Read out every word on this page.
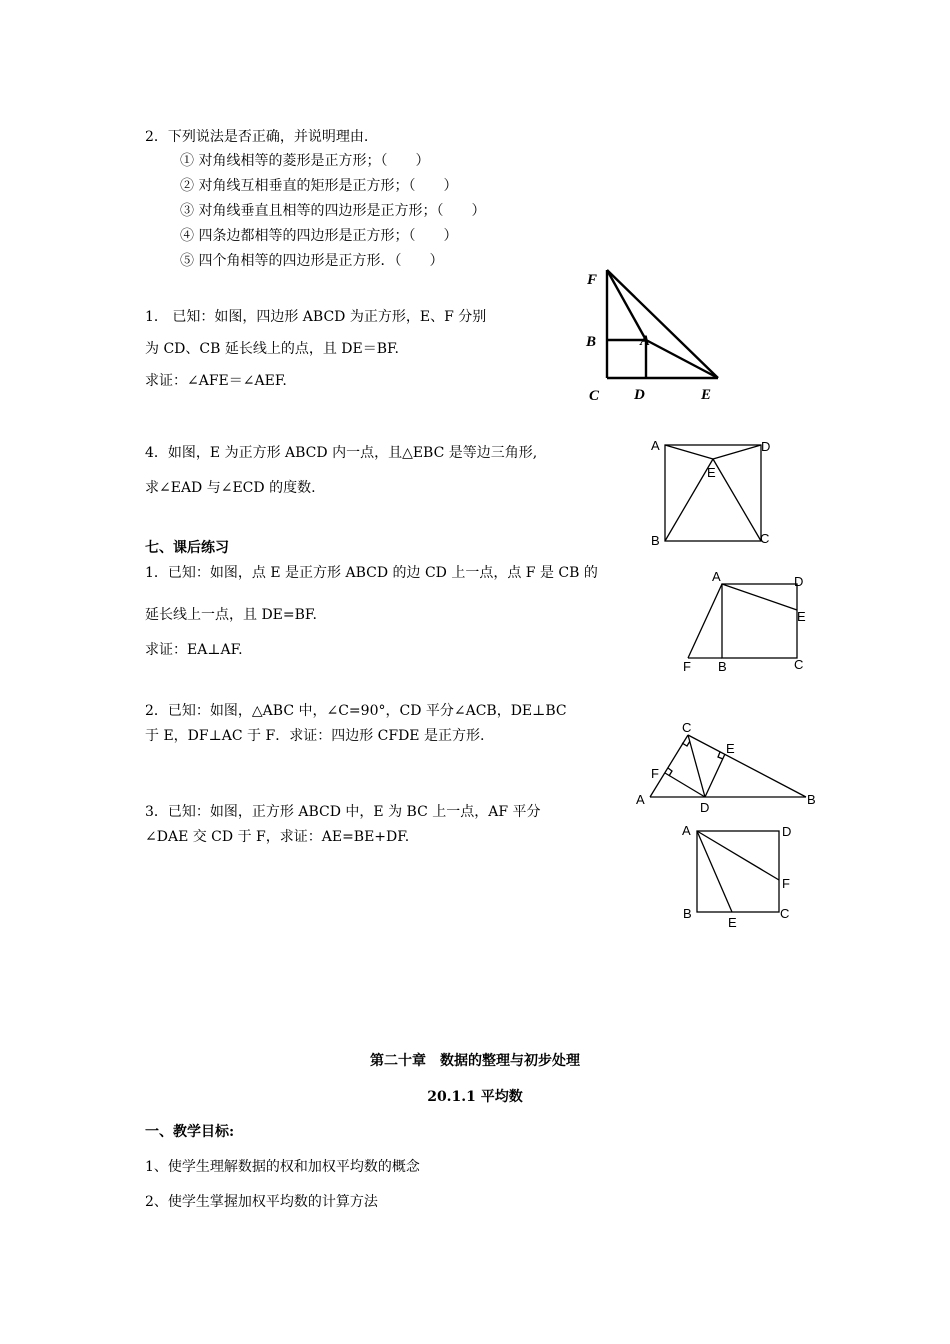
2．下列说法是否正确，并说明理由.
① 对角线相等的菱形是正方形；（　　）
② 对角线互相垂直的矩形是正方形；（　　）
③ 对角线垂直且相等的四边形是正方形；（　　）
④ 四条边都相等的四边形是正方形；（　　）
⑤ 四个角相等的四边形是正方形．（　　）
1． 已知：如图，四边形 ABCD 为正方形，E、F 分别
为 CD、CB 延长线上的点，且 DE＝BF.
求证：∠AFE＝∠AEF.
4．如图，E 为正方形 ABCD 内一点，且△EBC 是等边三角形,
求∠EAD 与∠ECD 的度数.
七、课后练习
1．已知：如图，点 E 是正方形 ABCD 的边 CD 上一点，点 F 是 CB 的
延长线上一点，且 DE=BF.
求证：EA⊥AF.
2．已知：如图，△ABC 中，∠C=90°，CD 平分∠ACB，DE⊥BC
于 E，DF⊥AC 于 F．求证：四边形 CFDE 是正方形.
3．已知：如图，正方形 ABCD 中，E 为 BC 上一点，AF 平分
∠DAE 交 CD 于 F，求证：AE=BE+DF.
第二十章　数据的整理与初步处理
20.1.1 平均数
一、教学目标:
1、使学生理解数据的权和加权平均数的概念
2、使学生掌握加权平均数的计算方法
F
B	A
C D	E
A	D
E
B	C
A	D
E
F B	C
C
E
F
A
D
B
A	D
F
B
E
C
